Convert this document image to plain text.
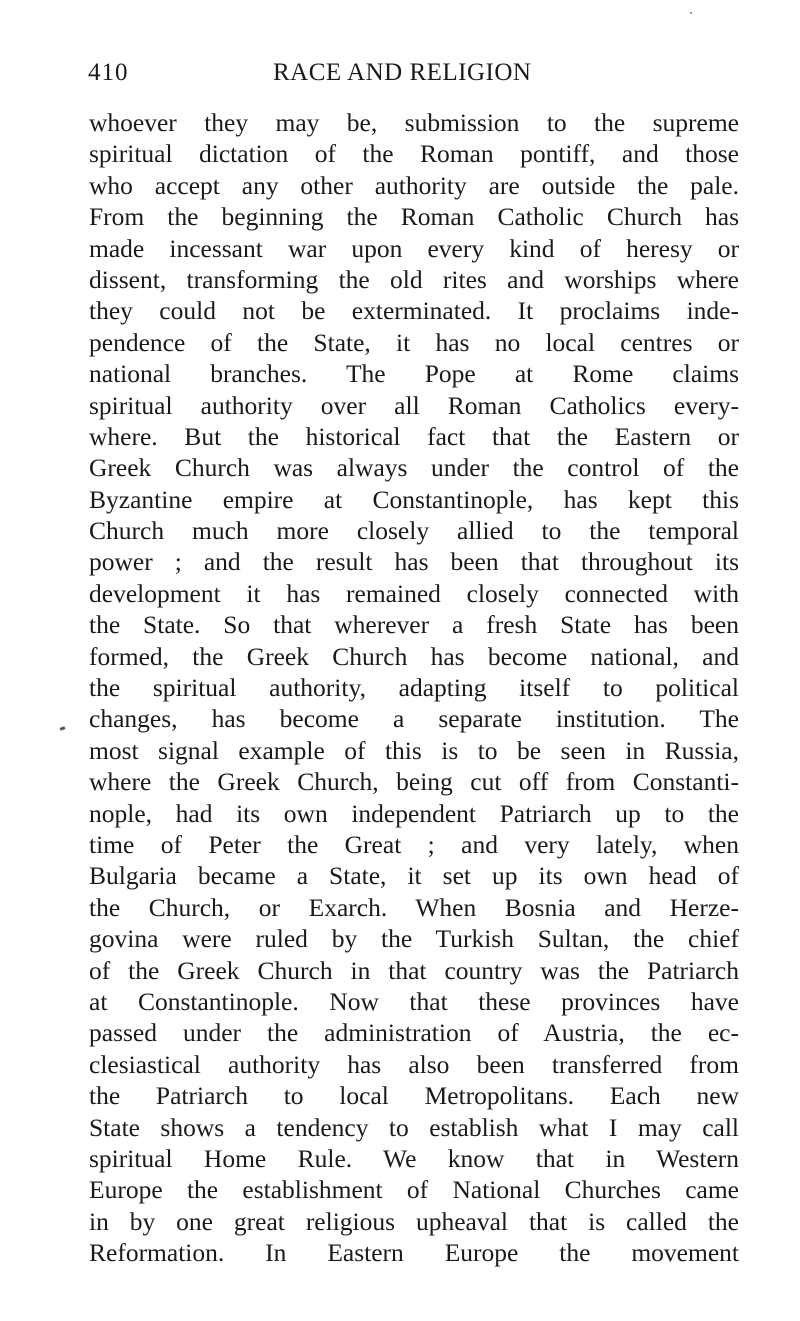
410	RACE AND RELIGION
whoever they may be, submission to the supreme
spiritual dictation of the Roman pontiff, and those
who accept any other authority are outside the pale.
From the beginning the Roman Catholic Church has
made incessant war upon every kind of heresy or
dissent, transforming the old rites and worships where
they could not be exterminated. It proclaims inde-
pendence of the State, it has no local centres or
national branches. The Pope at Rome claims
spiritual authority over all Roman Catholics every-
where. But the historical fact that the Eastern or
Greek Church was always under the control of the
Byzantine empire at Constantinople, has kept this
Church much more closely allied to the temporal
power ; and the result has been that throughout its
development it has remained closely connected with
the State. So that wherever a fresh State has been
formed, the Greek Church has become national, and
the spiritual authority, adapting itself to political
changes, has become a separate institution. The
most signal example of this is to be seen in Russia,
where the Greek Church, being cut off from Constanti-
nople, had its own independent Patriarch up to the
time of Peter the Great ; and very lately, when
Bulgaria became a State, it set up its own head of
the Church, or Exarch. When Bosnia and Herze-
govina were ruled by the Turkish Sultan, the chief
of the Greek Church in that country was the Patriarch
at Constantinople. Now that these provinces have
passed under the administration of Austria, the ec-
clesiastical authority has also been transferred from
the Patriarch to local Metropolitans. Each new
State shows a tendency to establish what I may call
spiritual Home Rule. We know that in Western
Europe the establishment of National Churches came
in by one great religious upheaval that is called the
Reformation. In Eastern Europe the movement
